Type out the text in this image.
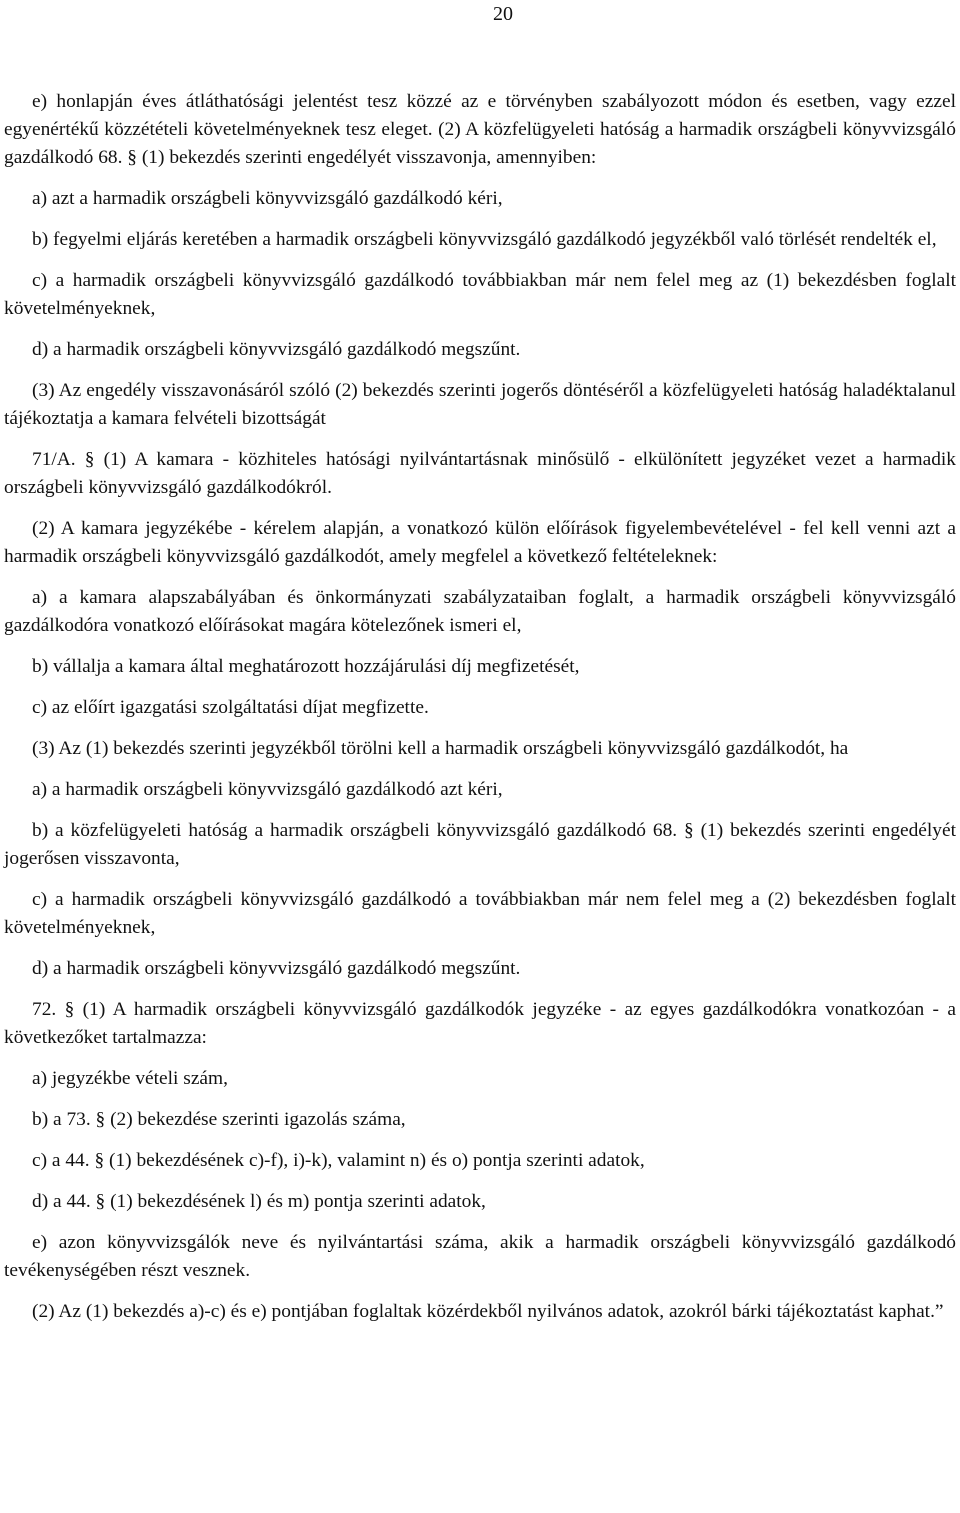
20

e) honlapján éves átláthatósági jelentést tesz közzé az e törvényben szabályozott módon és esetben, vagy ezzel egyenértékű közzétételi követelményeknek tesz eleget. (2) A közfelügyeleti hatóság a harmadik országbeli könyvvizsgáló gazdálkodó 68. § (1) bekezdés szerinti engedélyét visszavonja, amennyiben:

a) azt a harmadik országbeli könyvvizsgáló gazdálkodó kéri,

b) fegyelmi eljárás keretében a harmadik országbeli könyvvizsgáló gazdálkodó jegyzékből való törlését rendelték el,

c) a harmadik országbeli könyvvizsgáló gazdálkodó továbbiakban már nem felel meg az (1) bekezdésben foglalt követelményeknek,

d) a harmadik országbeli könyvvizsgáló gazdálkodó megszűnt.

(3) Az engedély visszavonásáról szóló (2) bekezdés szerinti jogerős döntéséről a közfelügyeleti hatóság haladéktalanul tájékoztatja a kamara felvételi bizottságát

71/A. § (1) A kamara - közhiteles hatósági nyilvántartásnak minősülő - elkülönített jegyzéket vezet a harmadik országbeli könyvvizsgáló gazdálkodókról.

(2) A kamara jegyzékébe - kérelem alapján, a vonatkozó külön előírások figyelembevételével - fel kell venni azt a harmadik országbeli könyvvizsgáló gazdálkodót, amely megfelel a következő feltételeknek:

a) a kamara alapszabályában és önkormányzati szabályzataiban foglalt, a harmadik országbeli könyvvizsgáló gazdálkodóra vonatkozó előírásokat magára kötelezőnek ismeri el,

b) vállalja a kamara által meghatározott hozzájárulási díj megfizetését,

c) az előírt igazgatási szolgáltatási díjat megfizette.

(3) Az (1) bekezdés szerinti jegyzékből törölni kell a harmadik országbeli könyvvizsgáló gazdálkodót, ha

a) a harmadik országbeli könyvvizsgáló gazdálkodó azt kéri,

b) a közfelügyeleti hatóság a harmadik országbeli könyvvizsgáló gazdálkodó 68. § (1) bekezdés szerinti engedélyét jogerősen visszavonta,

c) a harmadik országbeli könyvvizsgáló gazdálkodó a továbbiakban már nem felel meg a (2) bekezdésben foglalt követelményeknek,

d) a harmadik országbeli könyvvizsgáló gazdálkodó megszűnt.

72. § (1) A harmadik országbeli könyvvizsgáló gazdálkodók jegyzéke - az egyes gazdálkodókra vonatkozóan - a következőket tartalmazza:

a) jegyzékbe vételi szám,

b) a 73. § (2) bekezdése szerinti igazolás száma,

c) a 44. § (1) bekezdésének c)-f), i)-k), valamint n) és o) pontja szerinti adatok,

d) a 44. § (1) bekezdésének l) és m) pontja szerinti adatok,

e) azon könyvvizsgálók neve és nyilvántartási száma, akik a harmadik országbeli könyvvizsgáló gazdálkodó tevékenységében részt vesznek.

(2) Az (1) bekezdés a)-c) és e) pontjában foglaltak közérdekből nyilvános adatok, azokról bárki tájékoztatást kaphat.”
